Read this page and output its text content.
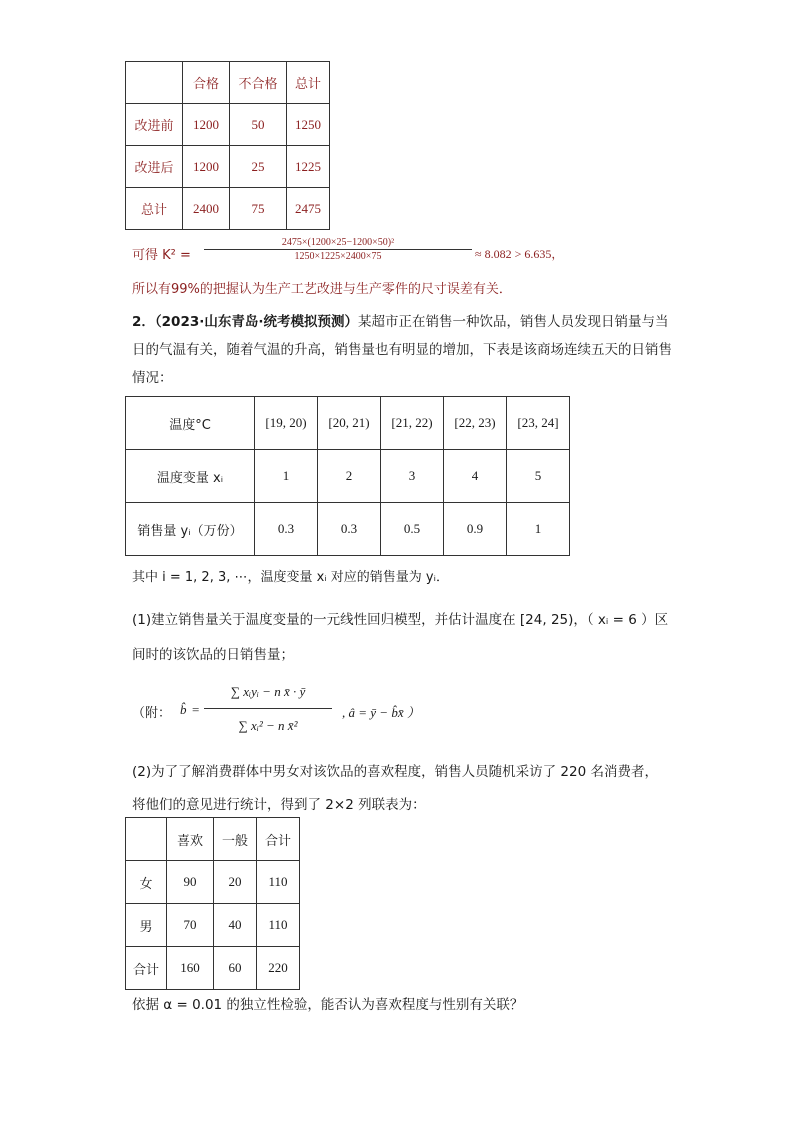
	合格	不合格	总计
改进前	1200	50	1250
改进后	1200	25	1225
总计	2400	75	2475
可得 $K^2 = \frac{\text{2475×(1200×25−1200×50)²}}{1250\times 1225\times 2400\times 75} \approx 8.082 > 6.635$，
所以有99%的把握认为生产工艺改进与生产零件的尺寸误差有关．
2．（2023·山东青岛·统考模拟预测）某超市正在销售一种饮品，销售人员发现日销量与当日的气温有关，随着气温的升高，销售量也有明显的增加，下表是该商场连续五天的日销售情况：
温度°C	[19, 20)	[20, 21)	[21, 22)	[22, 23)	[23, 24]
温度变量 xᵢ	1	2	3	4	5
销售量 yᵢ（万份）	0.3	0.3	0.5	0.9	1
其中 i = 1, 2, 3, ⋯，温度变量 xᵢ 对应的销售量为 yᵢ．
(1)建立销售量关于温度变量的一元线性回归模型，并估计温度在 [24, 25)，（ xᵢ = 6 ）区
间时的该饮品的日销售量；
（附： b̂ =
∑ xᵢyᵢ − n x̄ · ȳ
∑ xᵢ² − n x̄²
, â = ȳ − b̂x̄ ）
(2)为了了解消费群体中男女对该饮品的喜欢程度，销售人员随机采访了 220 名消费者，
将他们的意见进行统计，得到了 2×2 列联表为：
	喜欢	一般	合计
女	90	20	110
男	70	40	110
合计	160	60	220
依据 α = 0.01 的独立性检验，能否认为喜欢程度与性别有关联？
